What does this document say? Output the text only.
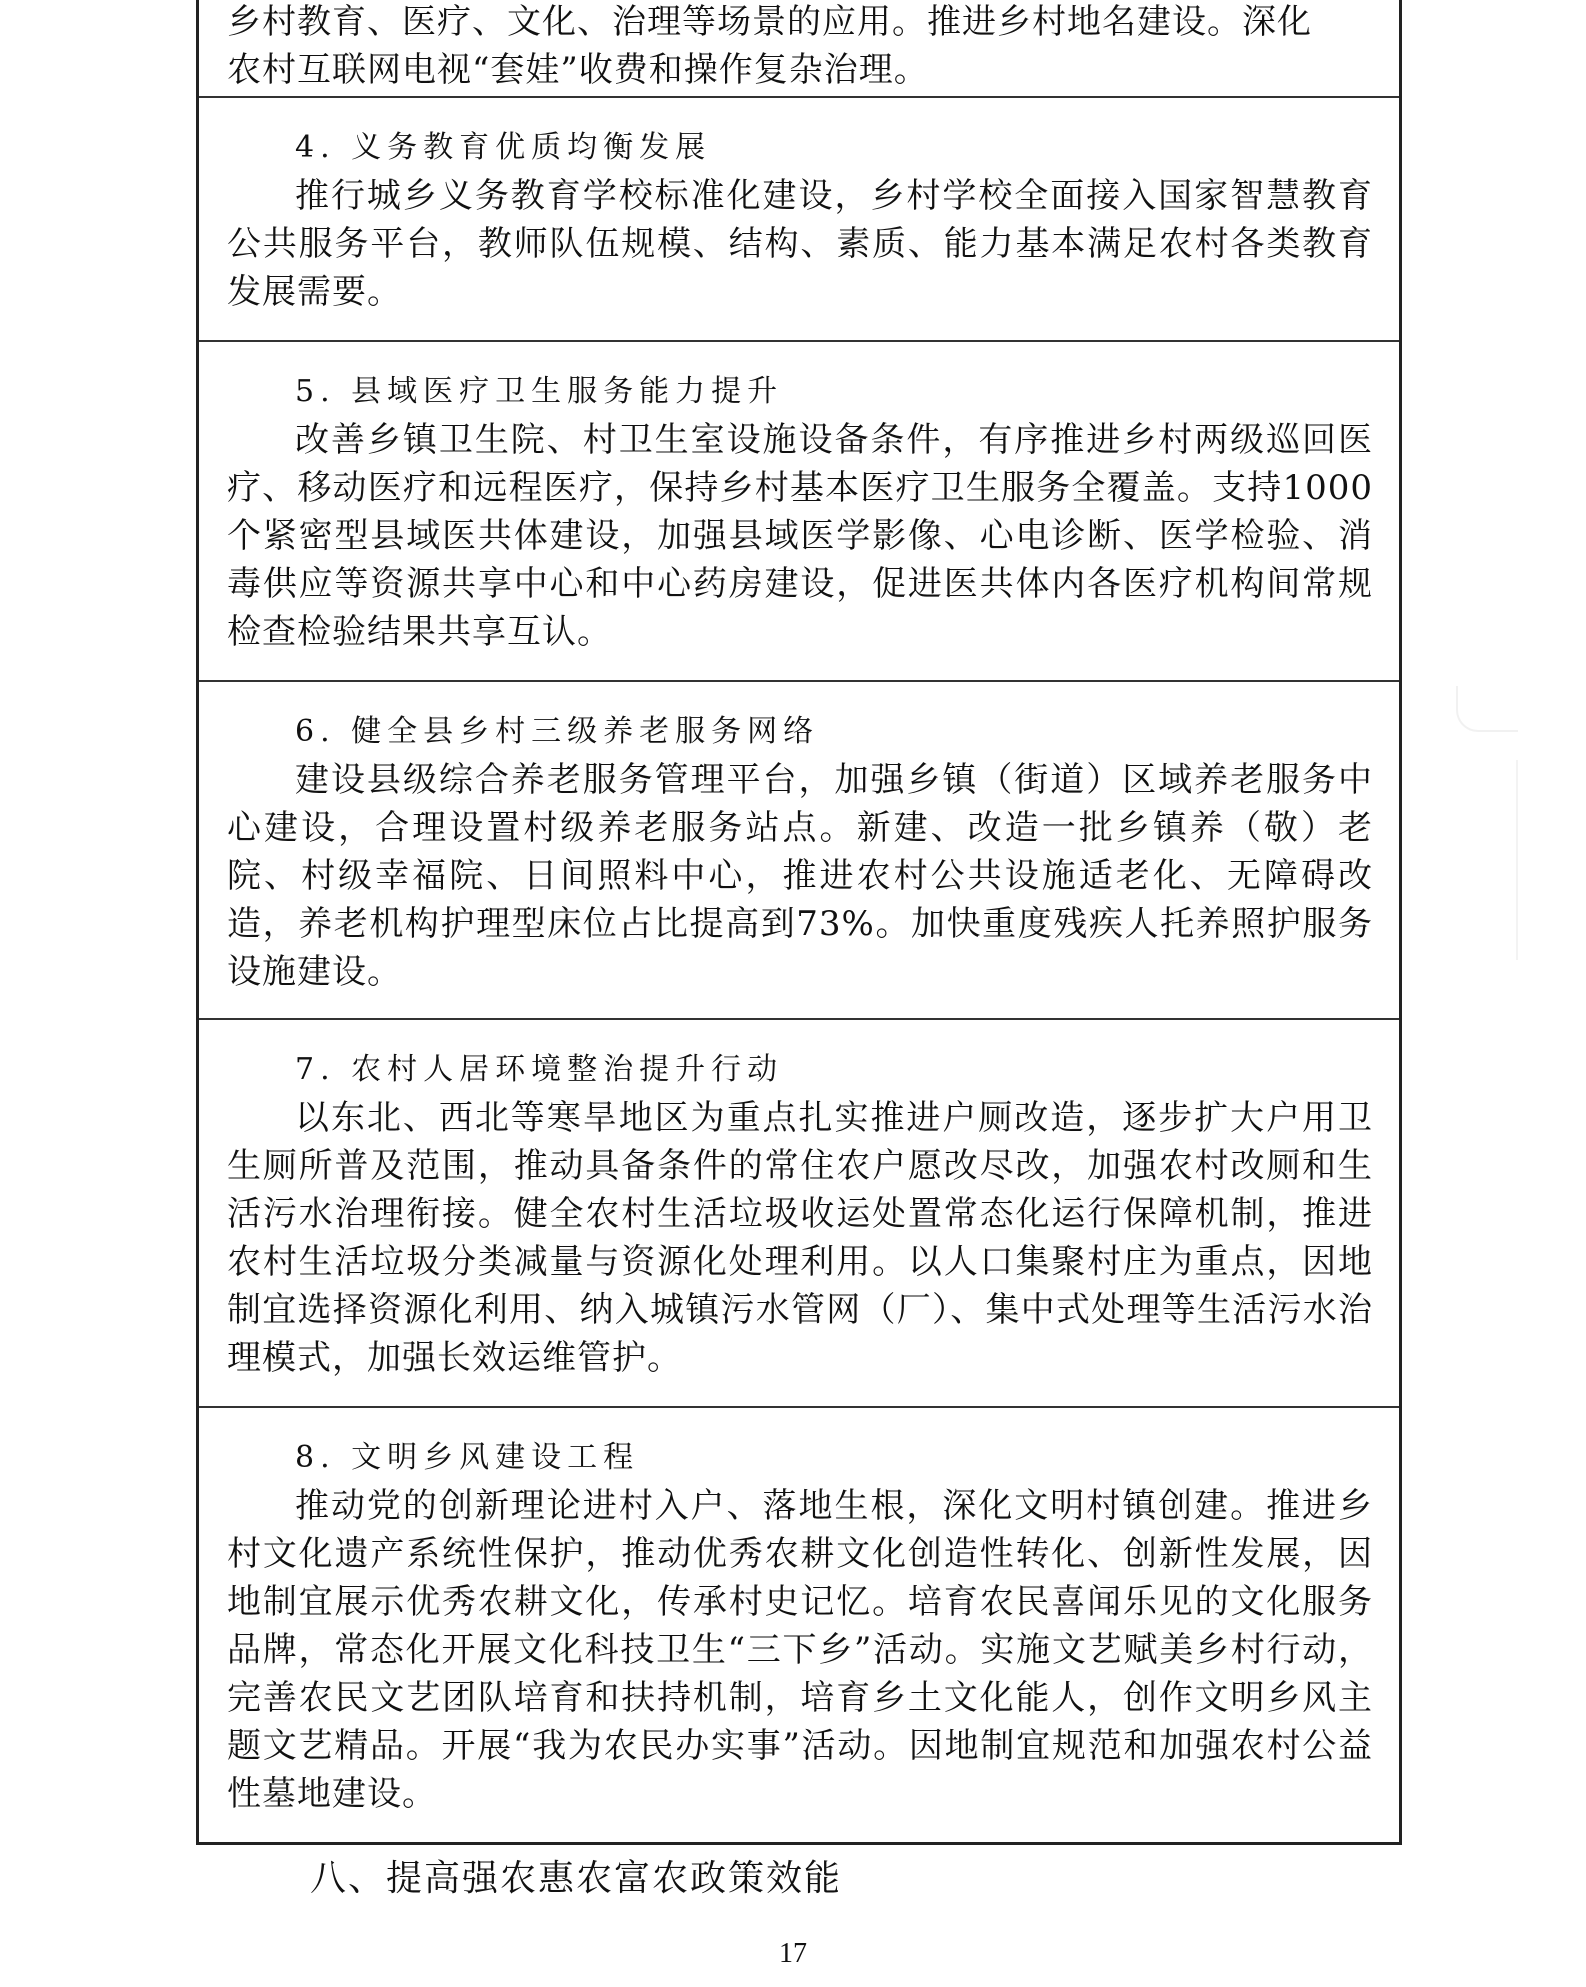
乡村教育、医疗、文化、治理等场景的应用。推进乡村地名建设。深化
农村互联网电视“套娃”收费和操作复杂治理。
4. 义务教育优质均衡发展
推行城乡义务教育学校标准化建设，乡村学校全面接入国家智慧教育公共服务平台，教师队伍规模、结构、素质、能力基本满足农村各类教育发展需要。
5. 县域医疗卫生服务能力提升
改善乡镇卫生院、村卫生室设施设备条件，有序推进乡村两级巡回医疗、移动医疗和远程医疗，保持乡村基本医疗卫生服务全覆盖。支持1000个紧密型县域医共体建设，加强县域医学影像、心电诊断、医学检验、消毒供应等资源共享中心和中心药房建设，促进医共体内各医疗机构间常规检查检验结果共享互认。
6. 健全县乡村三级养老服务网络
建设县级综合养老服务管理平台，加强乡镇（街道）区域养老服务中心建设，合理设置村级养老服务站点。新建、改造一批乡镇养（敬）老院、村级幸福院、日间照料中心，推进农村公共设施适老化、无障碍改造，养老机构护理型床位占比提高到73%。加快重度残疾人托养照护服务设施建设。
7. 农村人居环境整治提升行动
以东北、西北等寒旱地区为重点扎实推进户厕改造，逐步扩大户用卫生厕所普及范围，推动具备条件的常住农户愿改尽改，加强农村改厕和生活污水治理衔接。健全农村生活垃圾收运处置常态化运行保障机制，推进农村生活垃圾分类减量与资源化处理利用。以人口集聚村庄为重点，因地制宜选择资源化利用、纳入城镇污水管网（厂）、集中式处理等生活污水治理模式，加强长效运维管护。
8. 文明乡风建设工程
推动党的创新理论进村入户、落地生根，深化文明村镇创建。推进乡村文化遗产系统性保护，推动优秀农耕文化创造性转化、创新性发展，因地制宜展示优秀农耕文化，传承村史记忆。培育农民喜闻乐见的文化服务品牌，常态化开展文化科技卫生“三下乡”活动。实施文艺赋美乡村行动，完善农民文艺团队培育和扶持机制，培育乡土文化能人，创作文明乡风主题文艺精品。开展“我为农民办实事”活动。因地制宜规范和加强农村公益性墓地建设。
八、提高强农惠农富农政策效能
17
